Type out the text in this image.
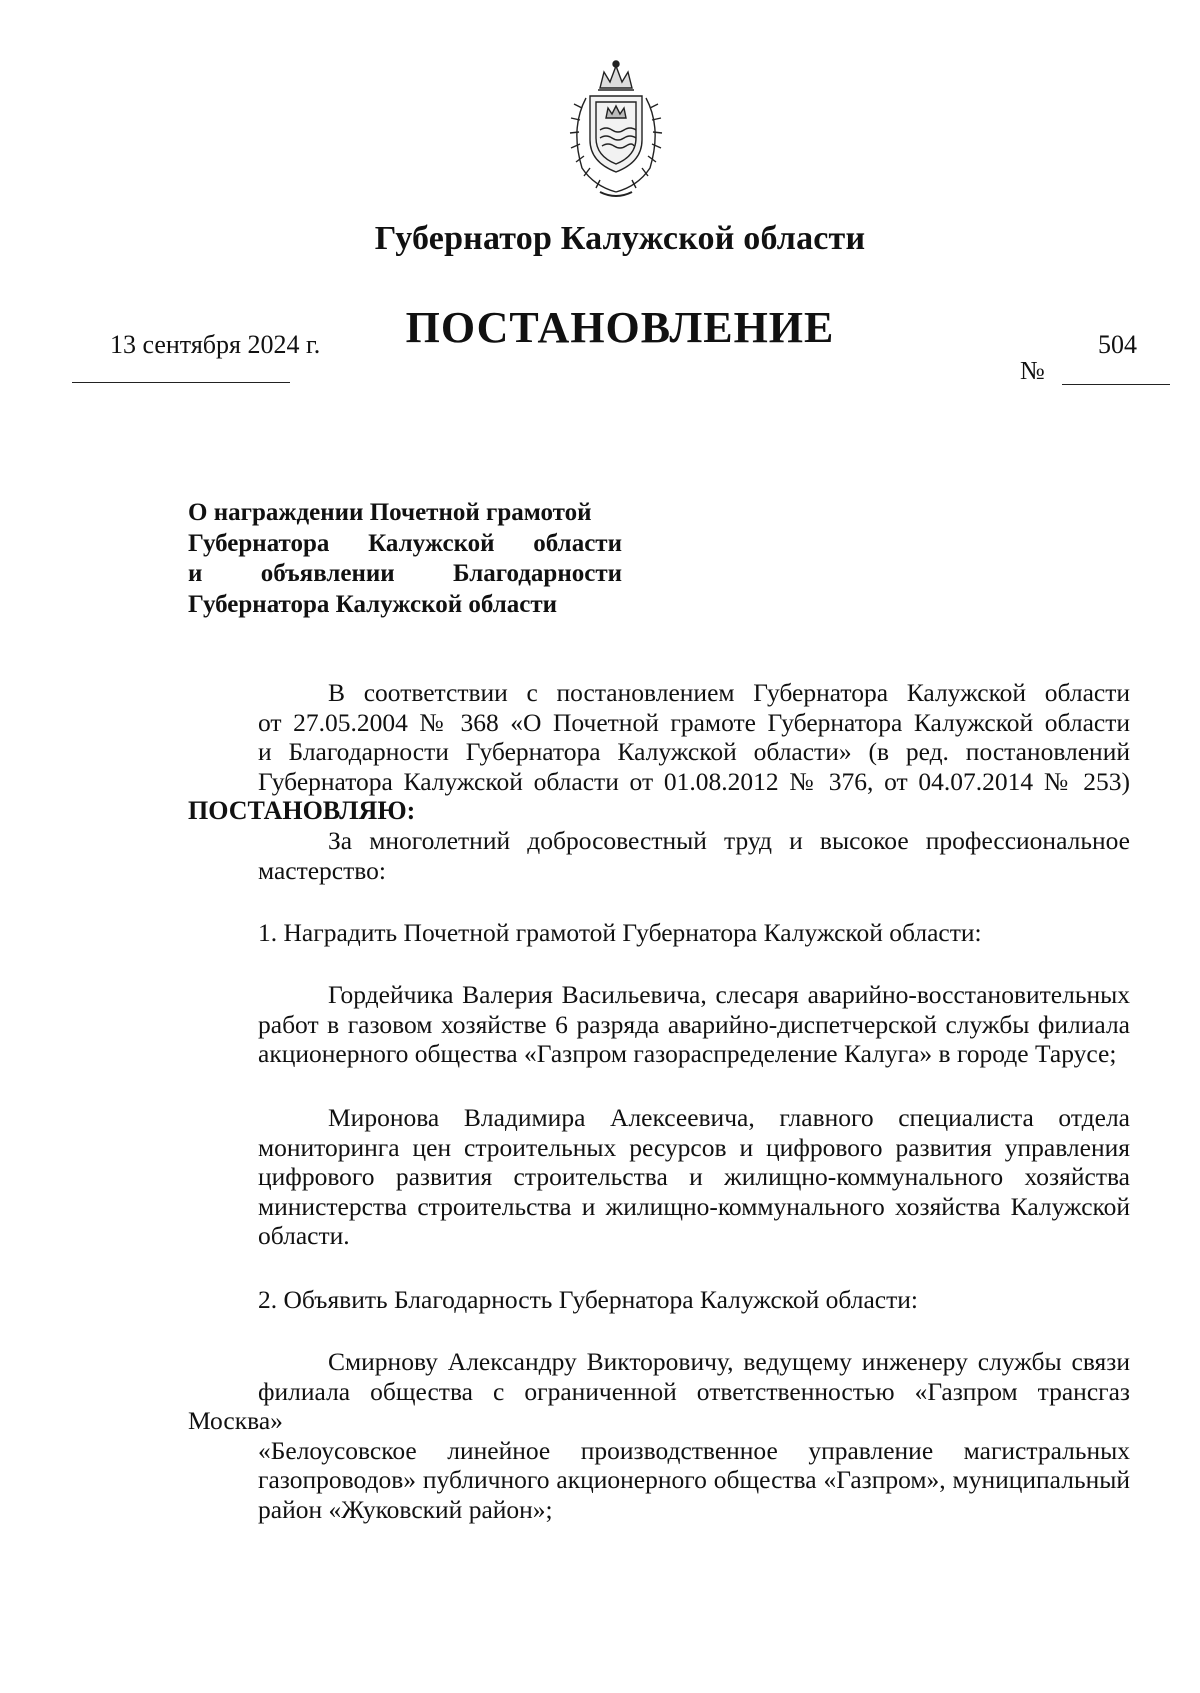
Губернатор Калужской области
ПОСТАНОВЛЕНИЕ
13 сентября 2024 г.	504
№
О награждении Почетной грамотой
Губернатора Калужской области
и объявлении Благодарности
Губернатора Калужской области
В соответствии с постановлением Губернатора Калужской области
от 27.05.2004 № 368 «О Почетной грамоте Губернатора Калужской области
и Благодарности Губернатора Калужской области» (в ред. постановлений
Губернатора Калужской области от 01.08.2012 № 376, от 04.07.2014 № 253)
ПОСТАНОВЛЯЮ:
За многолетний добросовестный труд и высокое профессиональное
мастерство:
1. Наградить Почетной грамотой Губернатора Калужской области:
Гордейчика Валерия Васильевича, слесаря аварийно-восстановительных
работ в газовом хозяйстве 6 разряда аварийно-диспетчерской службы филиала
акционерного общества «Газпром газораспределение Калуга» в городе Тарусе;
Миронова Владимира Алексеевича, главного специалиста отдела
мониторинга цен строительных ресурсов и цифрового развития управления
цифрового развития строительства и жилищно-коммунального хозяйства
министерства строительства и жилищно-коммунального хозяйства Калужской
области.
2. Объявить Благодарность Губернатора Калужской области:
Смирнову Александру Викторовичу, ведущему инженеру службы связи
филиала общества с ограниченной ответственностью «Газпром трансгаз Москва»
«Белоусовское линейное производственное управление магистральных
газопроводов» публичного акционерного общества «Газпром», муниципальный
район «Жуковский район»;
